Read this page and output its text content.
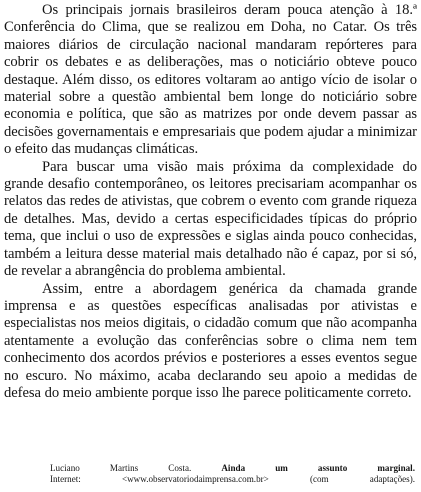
Os principais jornais brasileiros deram pouca atenção à 18.ª Conferência do Clima, que se realizou em Doha, no Catar. Os três maiores diários de circulação nacional mandaram repórteres para cobrir os debates e as deliberações, mas o noticiário obteve pouco destaque. Além disso, os editores voltaram ao antigo vício de isolar o material sobre a questão ambiental bem longe do noticiário sobre economia e política, que são as matrizes por onde devem passar as decisões governamentais e empresariais que podem ajudar a minimizar o efeito das mudanças climáticas.

Para buscar uma visão mais próxima da complexidade do grande desafio contemporâneo, os leitores precisariam acompanhar os relatos das redes de ativistas, que cobrem o evento com grande riqueza de detalhes. Mas, devido a certas especificidades típicas do próprio tema, que inclui o uso de expressões e siglas ainda pouco conhecidas, também a leitura desse material mais detalhado não é capaz, por si só, de revelar a abrangência do problema ambiental.

Assim, entre a abordagem genérica da chamada grande imprensa e as questões específicas analisadas por ativistas e especialistas nos meios digitais, o cidadão comum que não acompanha atentamente a evolução das conferências sobre o clima nem tem conhecimento dos acordos prévios e posteriores a esses eventos segue no escuro. No máximo, acaba declarando seu apoio a medidas de defesa do meio ambiente porque isso lhe parece politicamente correto.

Luciano Martins Costa.	Ainda um assunto marginal.
Internet: <www.observatoriodaimprensa.com.br> (com adaptações).
